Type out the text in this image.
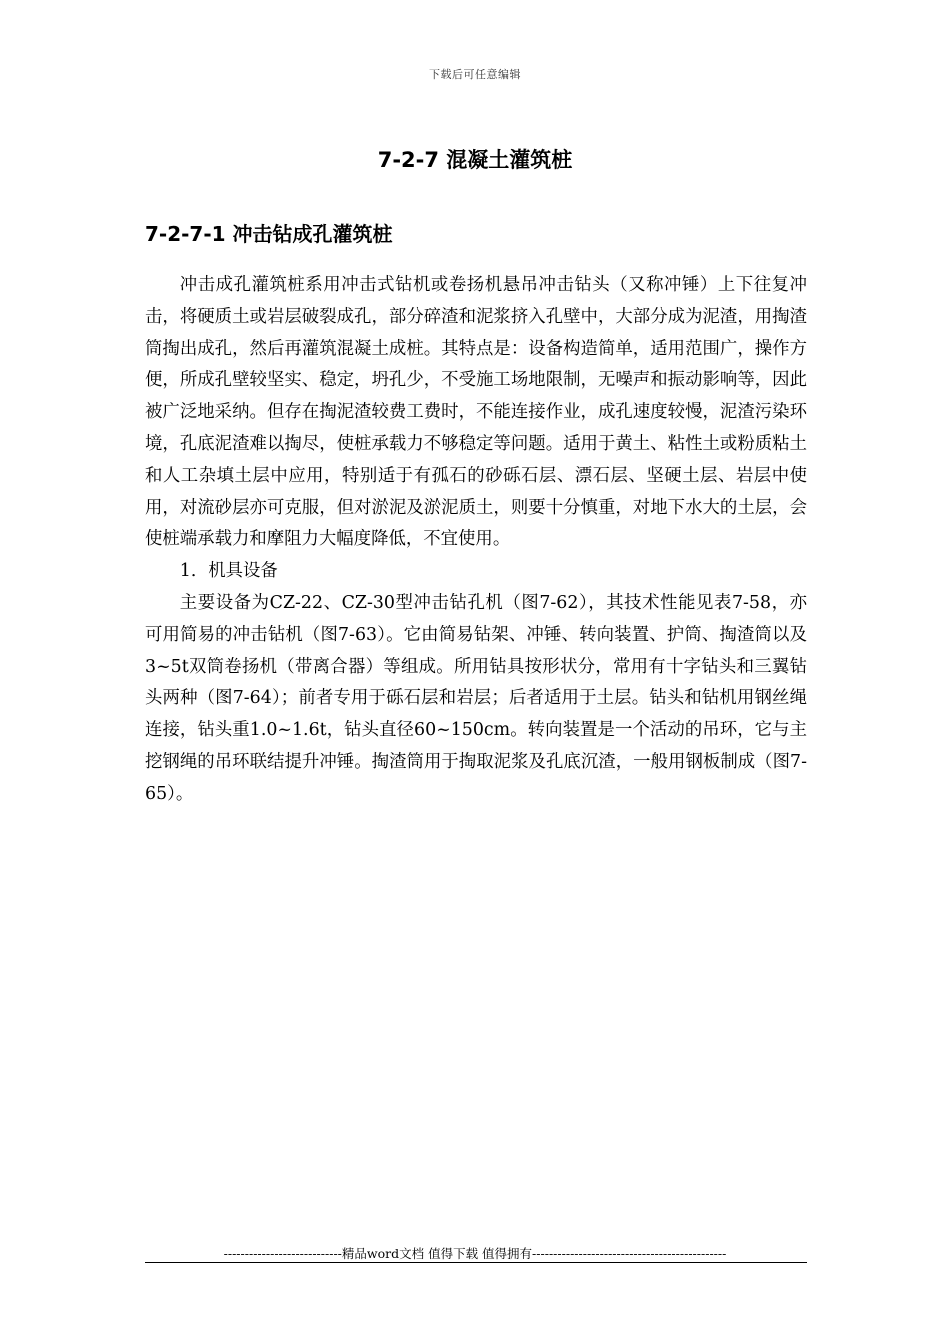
下载后可任意编辑
7-2-7 混凝土灌筑桩
7-2-7-1 冲击钻成孔灌筑桩

冲击成孔灌筑桩系用冲击式钻机或卷扬机悬吊冲击钻头（又称冲锤）上下往复冲击，将硬质土或岩层破裂成孔，部分碎渣和泥浆挤入孔壁中，大部分成为泥渣，用掏渣筒掏出成孔，然后再灌筑混凝土成桩。其特点是：设备构造简单，适用范围广，操作方便，所成孔壁较坚实、稳定，坍孔少，不受施工场地限制，无噪声和振动影响等，因此被广泛地采纳。但存在掏泥渣较费工费时，不能连接作业，成孔速度较慢，泥渣污染环境，孔底泥渣难以掏尽，使桩承载力不够稳定等问题。适用于黄土、粘性土或粉质粘土和人工杂填土层中应用，特别适于有孤石的砂砾石层、漂石层、坚硬土层、岩层中使用，对流砂层亦可克服，但对淤泥及淤泥质土，则要十分慎重，对地下水大的土层，会使桩端承载力和摩阻力大幅度降低，不宜使用。

1．机具设备

主要设备为CZ-22、CZ-30型冲击钻孔机（图7-62），其技术性能见表7-58，亦可用简易的冲击钻机（图7-63）。它由简易钻架、冲锤、转向装置、护筒、掏渣筒以及3~5t双筒卷扬机（带离合器）等组成。所用钻具按形状分，常用有十字钻头和三翼钻头两种（图7-64）；前者专用于砾石层和岩层；后者适用于土层。钻头和钻机用钢丝绳连接，钻头重1.0~1.6t，钻头直径60~150cm。转向装置是一个活动的吊环，它与主挖钢绳的吊环联结提升冲锤。掏渣筒用于掏取泥浆及孔底沉渣，一般用钢板制成（图7-65）。

----------------------------精品word文档 值得下载 值得拥有----------------------------------------------
